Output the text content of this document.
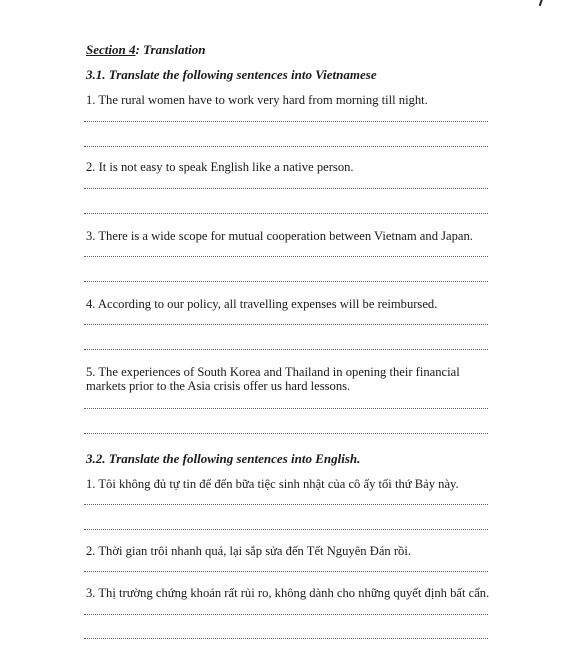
Section 4: Translation
3.1. Translate the following sentences into Vietnamese
1. The rural women have to work very hard from morning till night.
2. It is not easy to speak English like a native person.
3. There is a wide scope for mutual cooperation between Vietnam and Japan.
4. According to our policy, all travelling expenses will be reimbursed.
5. The experiences of South Korea and Thailand in opening their financial markets prior to the Asia crisis offer us hard lessons.
3.2. Translate the following sentences into English.
1. Tôi không đủ tự tin để đến bữa tiệc sinh nhật của cô ấy tối thứ Bảy này.
2. Thời gian trôi nhanh quá, lại sắp sửa đến Tết Nguyên Đán rồi.
3. Thị trường chứng khoán rất rủi ro, không dành cho những quyết định bất cẩn.
